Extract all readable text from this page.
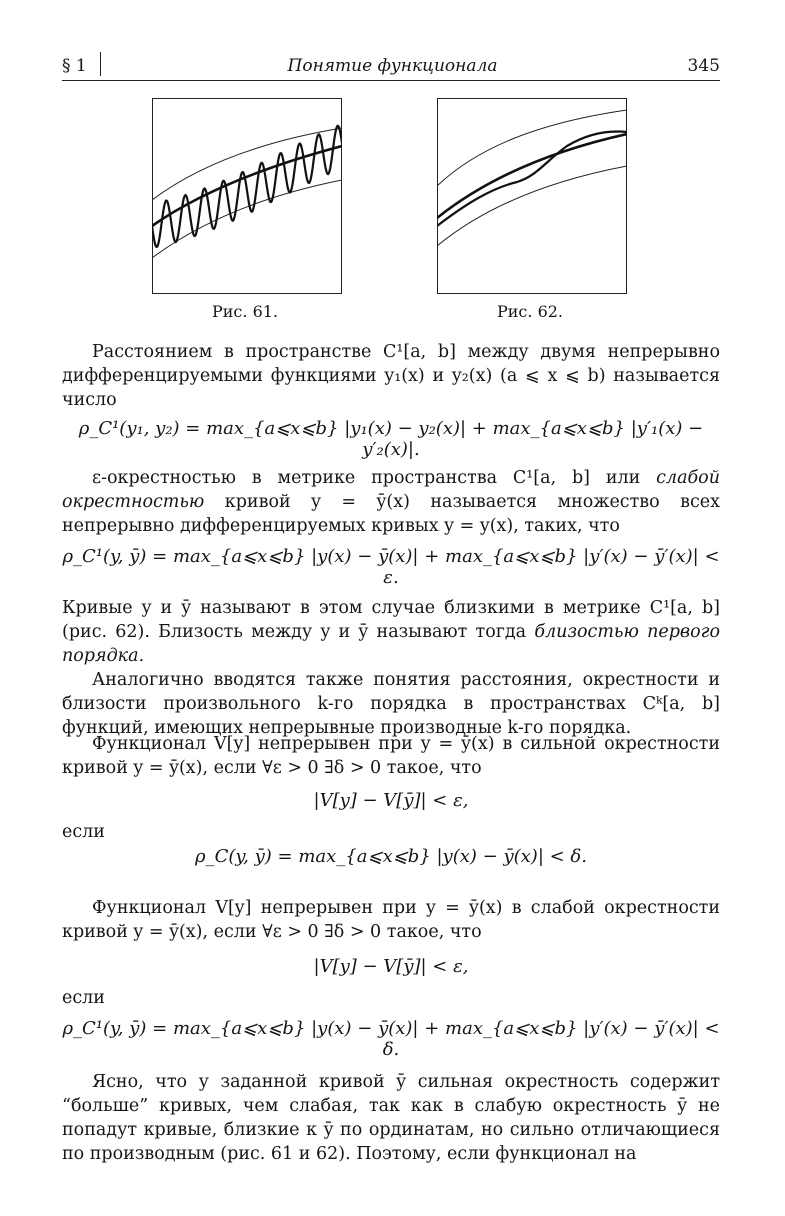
§ 1	Понятие функционала	345
Рис. 61.	Рис. 62.

Расстоянием в пространстве C¹[a, b] между двумя непрерывно дифференцируемыми функциями y₁(x) и y₂(x) (a ⩽ x ⩽ b) называется число

ρ_C¹(y₁, y₂) = max_{a⩽x⩽b} |y₁(x) − y₂(x)| + max_{a⩽x⩽b} |y′₁(x) − y′₂(x)|.

ε-окрестностью в метрике пространства C¹[a, b] или слабой окрестностью кривой y = ȳ(x) называется множество всех непрерывно дифференцируемых кривых y = y(x), таких, что

ρ_C¹(y, ȳ) = max_{a⩽x⩽b} |y(x) − ȳ(x)| + max_{a⩽x⩽b} |y′(x) − ȳ′(x)| < ε.

Кривые y и ȳ называют в этом случае близкими в метрике C¹[a, b] (рис. 62). Близость между y и ȳ называют тогда близостью первого порядка.

Аналогично вводятся также понятия расстояния, окрестности и близости произвольного k-го порядка в пространствах Cᵏ[a, b] функций, имеющих непрерывные производные k-го порядка.

Функционал V[y] непрерывен при y = ȳ(x) в сильной окрестности кривой y = ȳ(x), если ∀ε > 0 ∃δ > 0 такое, что

|V[y] − V[ȳ]| < ε,
если
ρ_C(y, ȳ) = max_{a⩽x⩽b} |y(x) − ȳ(x)| < δ.

Функционал V[y] непрерывен при y = ȳ(x) в слабой окрестности кривой y = ȳ(x), если ∀ε > 0 ∃δ > 0 такое, что

|V[y] − V[ȳ]| < ε,
если
ρ_C¹(y, ȳ) = max_{a⩽x⩽b} |y(x) − ȳ(x)| + max_{a⩽x⩽b} |y′(x) − ȳ′(x)| < δ.

Ясно, что у заданной кривой ȳ сильная окрестность содержит “больше” кривых, чем слабая, так как в слабую окрестность ȳ не попадут кривые, близкие к ȳ по ординатам, но сильно отличающиеся по производным (рис. 61 и 62). Поэтому, если функционал на
